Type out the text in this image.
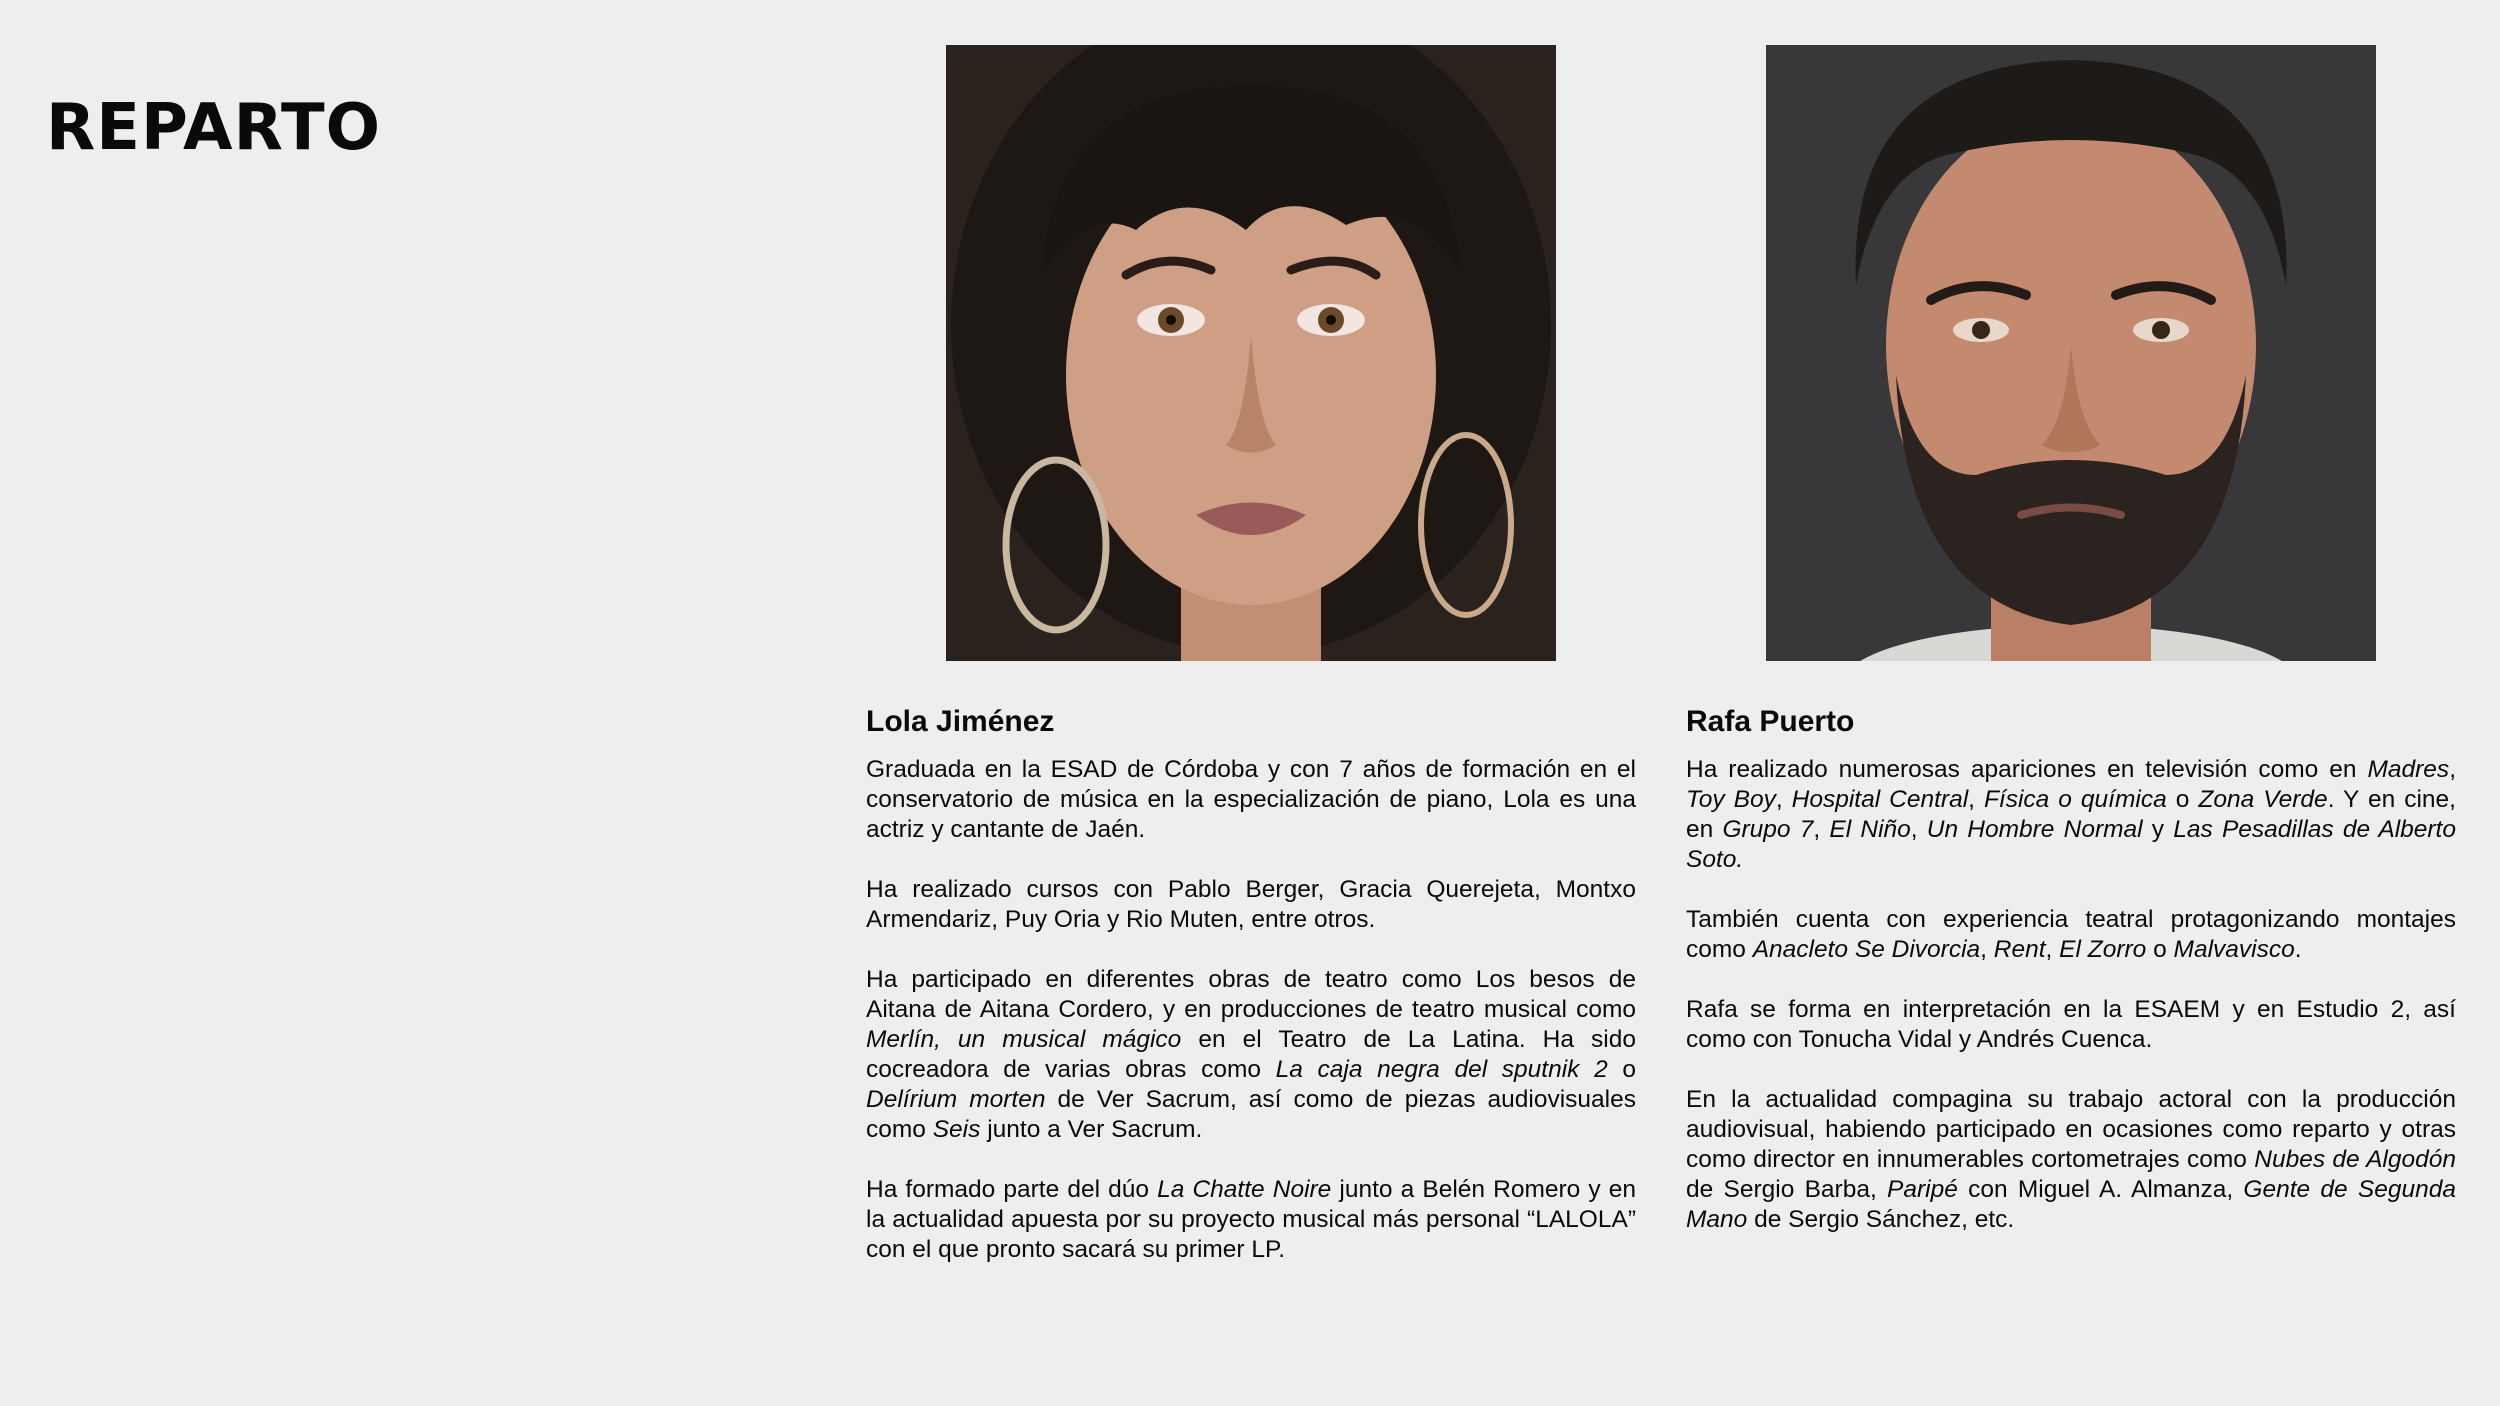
REPARTO
Lola Jiménez

Graduada en la ESAD de Córdoba y con 7 años de formación en el conservatorio de música en la especialización de piano, Lola es una actriz y cantante de Jaén.

Ha realizado cursos con Pablo Berger, Gracia Querejeta, Montxo Armendariz, Puy Oria y Rio Muten, entre otros.

Ha participado en diferentes obras de teatro como Los besos de Aitana de Aitana Cordero, y en producciones de teatro musical como Merlín, un musical mágico en el Teatro de La Latina. Ha sido cocreadora de varias obras como La caja negra del sputnik 2 o Delírium morten de Ver Sacrum, así como de piezas audiovisuales como Seis junto a Ver Sacrum.

Ha formado parte del dúo La Chatte Noire junto a Belén Romero y en la actualidad apuesta por su proyecto musical más personal “LALOLA” con el que pronto sacará su primer LP.

Rafa Puerto

Ha realizado numerosas apariciones en televisión como en Madres, Toy Boy, Hospital Central, Física o química o Zona Verde. Y en cine, en Grupo 7, El Niño, Un Hombre Normal y Las Pesadillas de Alberto Soto.

También cuenta con experiencia teatral protagonizando montajes como Anacleto Se Divorcia, Rent, El Zorro o Malvavisco.

Rafa se forma en interpretación en la ESAEM y en Estudio 2, así como con Tonucha Vidal y Andrés Cuenca.

En la actualidad compagina su trabajo actoral con la producción audiovisual, habiendo participado en ocasiones como reparto y otras como director en innumerables cortometrajes como Nubes de Algodón de Sergio Barba, Paripé con Miguel A. Almanza, Gente de Segunda Mano de Sergio Sánchez, etc.
